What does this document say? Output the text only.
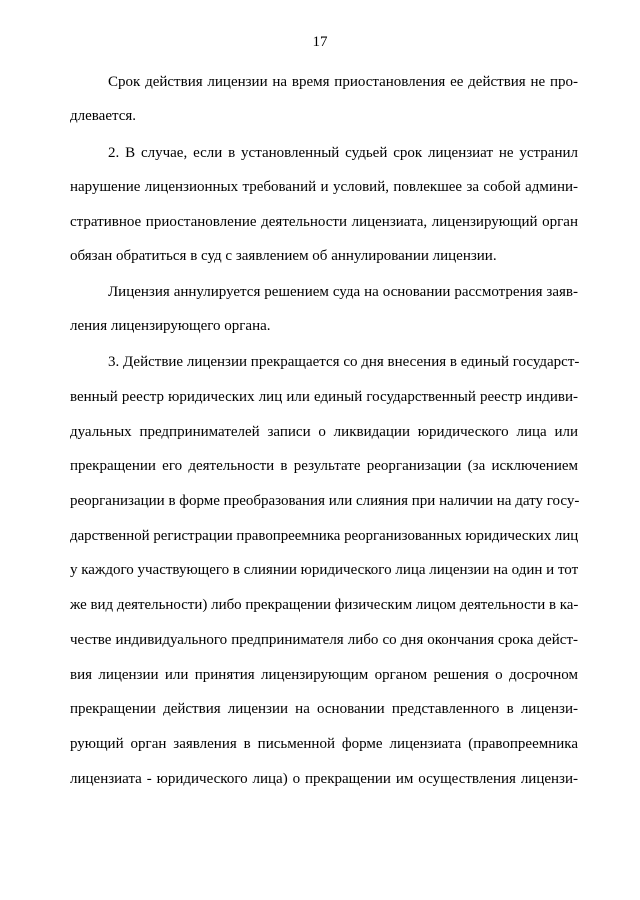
17
Срок действия лицензии на время приостановления ее действия не про-
длевается.
2. В случае, если в установленный судьей срок лицензиат не устранил
нарушение лицензионных требований и условий, повлекшее за собой админи-
стративное приостановление деятельности лицензиата, лицензирующий орган
обязан обратиться в суд с заявлением об аннулировании лицензии.
Лицензия аннулируется решением суда на основании рассмотрения заяв-
ления лицензирующего органа.
3. Действие лицензии прекращается со дня внесения в единый государст-
венный реестр юридических лиц или единый государственный реестр индиви-
дуальных предпринимателей записи о ликвидации юридического лица или
прекращении его деятельности в результате реорганизации (за исключением
реорганизации в форме преобразования или слияния при наличии на дату госу-
дарственной регистрации правопреемника реорганизованных юридических лиц
у каждого участвующего в слиянии юридического лица лицензии на один и тот
же вид деятельности) либо прекращении физическим лицом деятельности в ка-
честве индивидуального предпринимателя либо со дня окончания срока дейст-
вия лицензии или принятия лицензирующим органом решения о досрочном
прекращении действия лицензии на основании представленного в лицензи-
рующий орган заявления в письменной форме лицензиата (правопреемника
лицензиата - юридического лица) о прекращении им осуществления лицензи-
